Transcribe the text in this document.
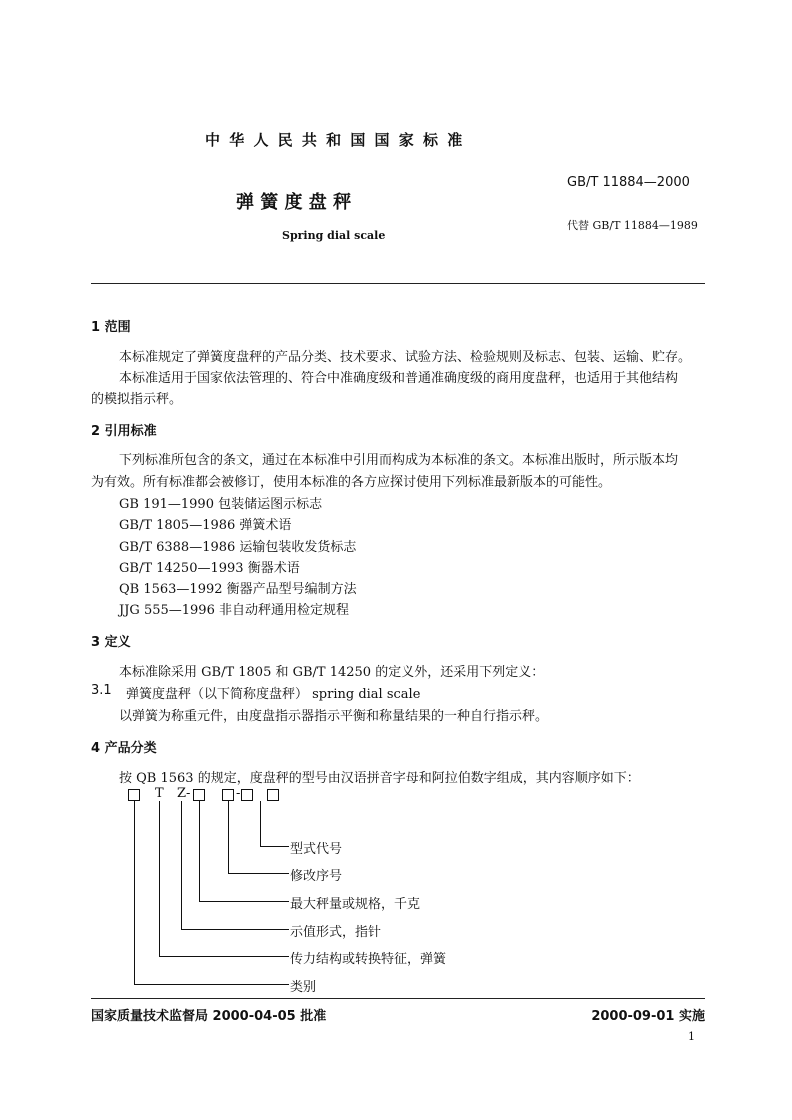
中 华 人 民 共 和 国 国 家 标 准
弹 簧 度 盘 秤
Spring dial scale
GB/T 11884—2000
代替 GB/T 11884—1989
1 范围
本标准规定了弹簧度盘秤的产品分类、技术要求、试验方法、检验规则及标志、包装、运输、贮存。
本标准适用于国家依法管理的、符合中准确度级和普通准确度级的商用度盘秤，也适用于其他结构
的模拟指示秤。
2 引用标准
下列标准所包含的条文，通过在本标准中引用而构成为本标准的条文。本标准出版时，所示版本均
为有效。所有标准都会被修订，使用本标准的各方应探讨使用下列标准最新版本的可能性。
GB 191—1990 包装储运图示标志
GB/T 1805—1986 弹簧术语
GB/T 6388—1986 运输包装收发货标志
GB/T 14250—1993 衡器术语
QB 1563—1992 衡器产品型号编制方法
JJG 555—1996 非自动秤通用检定规程
3 定义
本标准除采用 GB/T 1805 和 GB/T 14250 的定义外，还采用下列定义：
3.1 弹簧度盘秤（以下简称度盘秤） spring dial scale
以弹簧为称重元件，由度盘指示器指示平衡和称量结果的一种自行指示秤。
4 产品分类
按 QB 1563 的规定，度盘秤的型号由汉语拼音字母和阿拉伯数字组成，其内容顺序如下：
T Z-	-
型式代号
修改序号
最大秤量或规格，千克
示值形式，指针
传力结构或转换特征，弹簧
类别
国家质量技术监督局 2000-04-05 批准	2000-09-01 实施
1
